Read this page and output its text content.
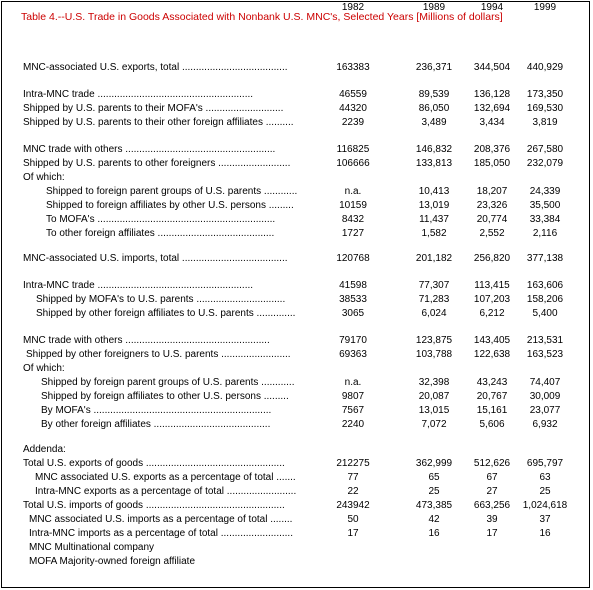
Table 4.--U.S. Trade in Goods Associated with Nonbank U.S. MNC's, Selected Years [Millions of dollars]
1982	1989	1994	1999
MNC-associated U.S. exports, total ......................................	163383	236,371	344,504	440,929
Intra-MNC trade ........................................................	46559	89,539	136,128	173,350
Shipped by U.S. parents to their MOFA's ............................	44320	86,050	132,694	169,530
Shipped by U.S. parents to their other foreign affiliates ..........	2239	3,489	3,434	3,819
MNC trade with others ......................................................	116825	146,832	208,376	267,580
Shipped by U.S. parents to other foreigners ..........................	106666	133,813	185,050	232,079
Of which:
Shipped to foreign parent groups of U.S. parents ............	n.a.	10,413	18,207	24,339
Shipped to foreign affiliates by other U.S. persons .........	10159	13,019	23,326	35,500
To MOFA's ................................................................	8432	11,437	20,774	33,384
To other foreign affiliates ..........................................	1727	1,582	2,552	2,116
MNC-associated U.S. imports, total ......................................	120768	201,182	256,820	377,138
Intra-MNC trade ........................................................	41598	77,307	113,415	163,606
Shipped by MOFA's to U.S. parents ................................	38533	71,283	107,203	158,206
Shipped by other foreign affiliates to U.S. parents ..............	3065	6,024	6,212	5,400
MNC trade with others ....................................................	79170	123,875	143,405	213,531
Shipped by other foreigners to U.S. parents .........................	69363	103,788	122,638	163,523
Of which:
Shipped by foreign parent groups of U.S. parents ............	n.a.	32,398	43,243	74,407
Shipped by foreign affiliates to other U.S. persons .........	9807	20,087	20,767	30,009
By MOFA's ................................................................	7567	13,015	15,161	23,077
By other foreign affiliates ..........................................	2240	7,072	5,606	6,932
Addenda:
Total U.S. exports of goods ..................................................	212275	362,999	512,626	695,797
MNC associated U.S. exports as a percentage of total .......	77	65	67	63
Intra-MNC exports as a percentage of total .........................	22	25	27	25
Total U.S. imports of goods ..................................................	243942	473,385	663,256	1,024,618
MNC associated U.S. imports as a percentage of total ........	50	42	39	37
Intra-MNC imports as a percentage of total ..........................	17	16	17	16
MNC Multinational company
MOFA Majority-owned foreign affiliate
